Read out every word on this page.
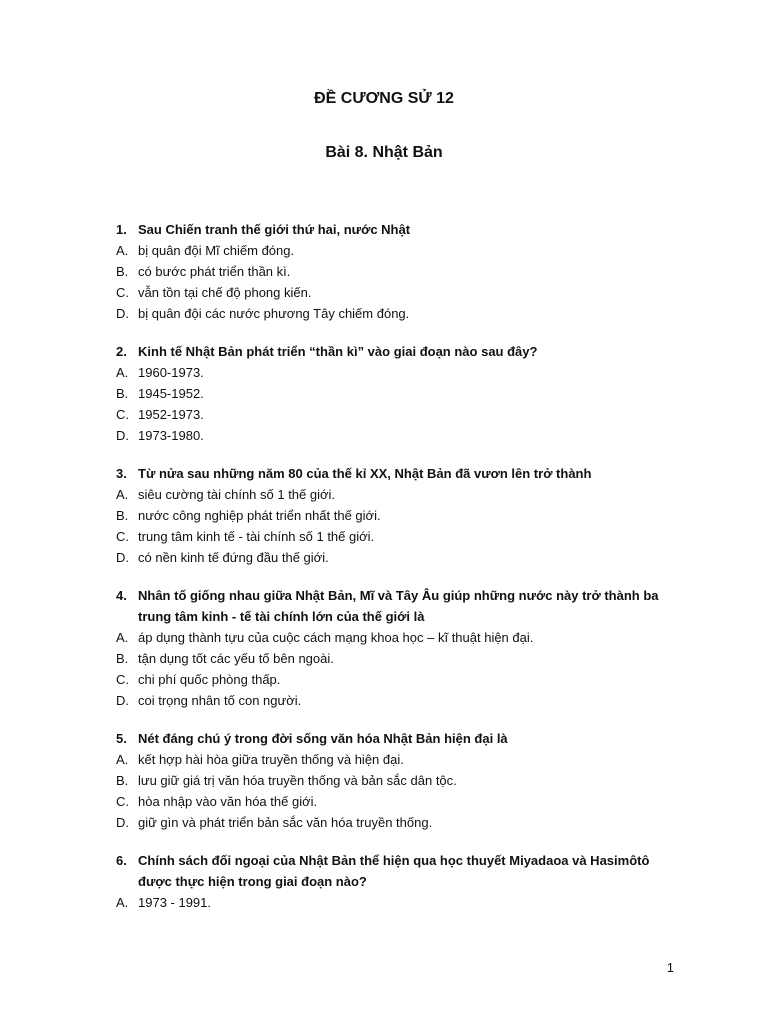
ĐỀ CƯƠNG SỬ 12
Bài 8. Nhật Bản
1. Sau Chiến tranh thế giới thứ hai, nước Nhật
A. bị quân đội Mĩ chiếm đóng.
B. có bước phát triển thần kì.
C. vẫn tồn tại chế độ phong kiến.
D. bị quân đội các nước phương Tây chiếm đóng.
2. Kinh tế Nhật Bản phát triển “thần kì” vào giai đoạn nào sau đây?
A. 1960-1973.
B. 1945-1952.
C. 1952-1973.
D. 1973-1980.
3. Từ nửa sau những năm 80 của thế kỉ XX, Nhật Bản đã vươn lên trở thành
A. siêu cường tài chính số 1 thế giới.
B. nước công nghiệp phát triển nhất thế giới.
C. trung tâm kinh tế - tài chính số 1 thế giới.
D. có nền kinh tế đứng đầu thế giới.
4. Nhân tố giống nhau giữa Nhật Bản, Mĩ và Tây Âu giúp những nước này trở thành ba trung tâm kinh - tế tài chính lớn của thế giới là
A. áp dụng thành tựu của cuộc cách mạng khoa học – kĩ thuật hiện đại.
B. tận dụng tốt các yếu tố bên ngoài.
C. chi phí quốc phòng thấp.
D. coi trọng nhân tố con người.
5. Nét đáng chú ý trong đời sống văn hóa Nhật Bản hiện đại là
A. kết hợp hài hòa giữa truyền thống và hiện đại.
B. lưu giữ giá trị văn hóa truyền thống và bản sắc dân tộc.
C. hòa nhập vào văn hóa thế giới.
D. giữ gìn và phát triển bản sắc văn hóa truyền thống.
6. Chính sách đối ngoại của Nhật Bản thể hiện qua học thuyết Miyadaoa và Hasimôtô được thực hiện trong giai đoạn nào?
A. 1973 - 1991.
1
